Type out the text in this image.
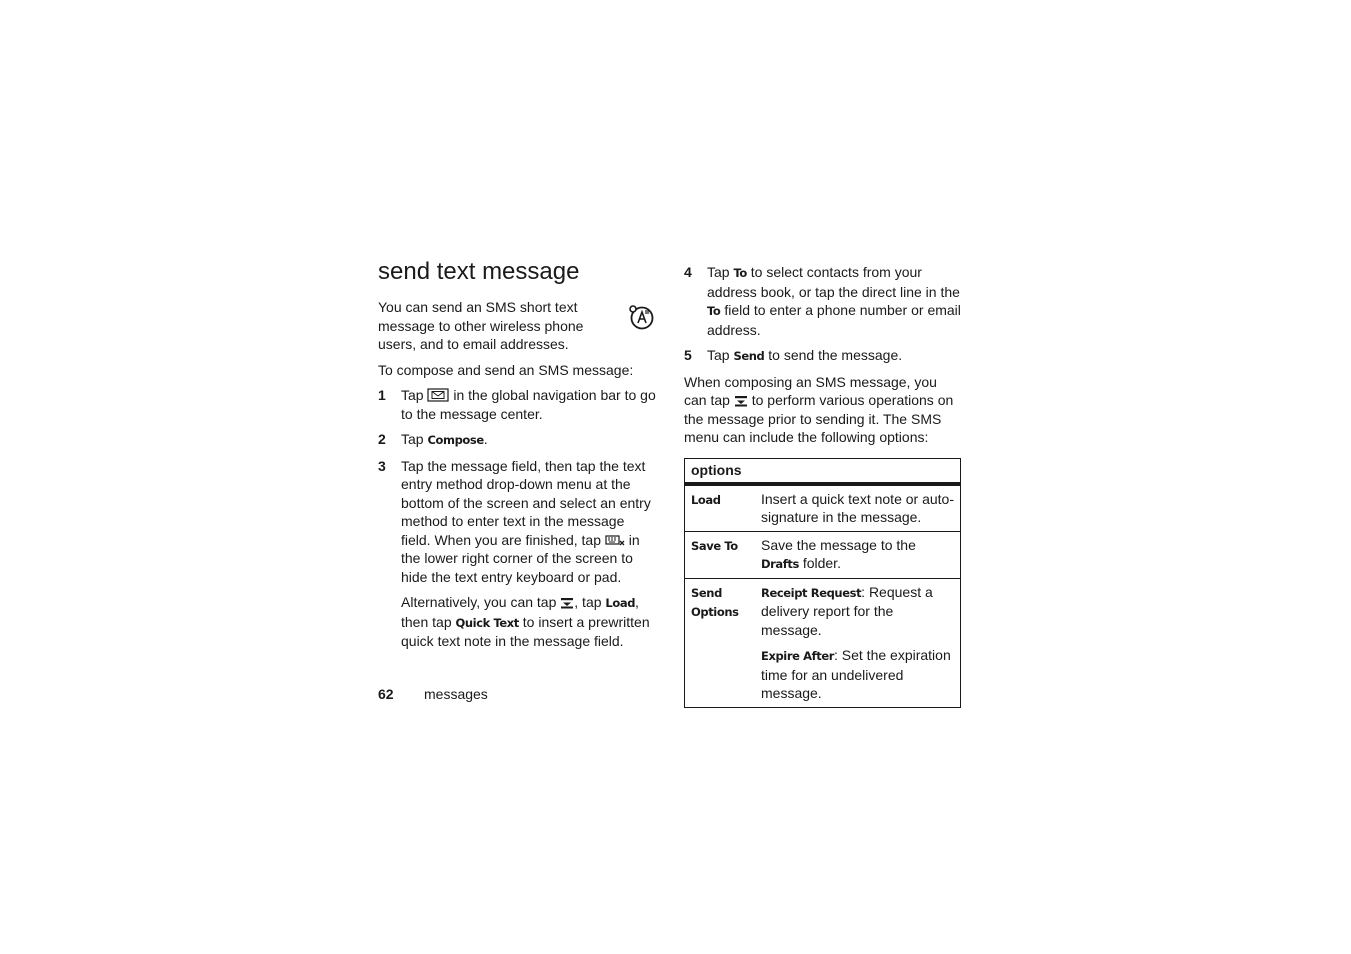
send text message

You can send an SMS short text message to other wireless phone users, and to email addresses.

To compose and send an SMS message:

1 Tap in the global navigation bar to go to the message center.
2 Tap Compose.
3 Tap the message field, then tap the text entry method drop-down menu at the bottom of the screen and select an entry method to enter text in the message field. When you are finished, tap in the lower right corner of the screen to hide the text entry keyboard or pad.

Alternatively, you can tap , tap Load, then tap Quick Text to insert a prewritten quick text note in the message field.

4 Tap To to select contacts from your address book, or tap the direct line in the To field to enter a phone number or email address.
5 Tap Send to send the message.

When composing an SMS message, you can tap to perform various operations on the message prior to sending it. The SMS menu can include the following options:

options	
Load	Insert a quick text note or auto-signature in the message.
Save To	Save the message to the Drafts folder.
Send Options	Receipt Request: Request a delivery report for the message.

Expire After: Set the expiration time for an undelivered message.

62 messages
